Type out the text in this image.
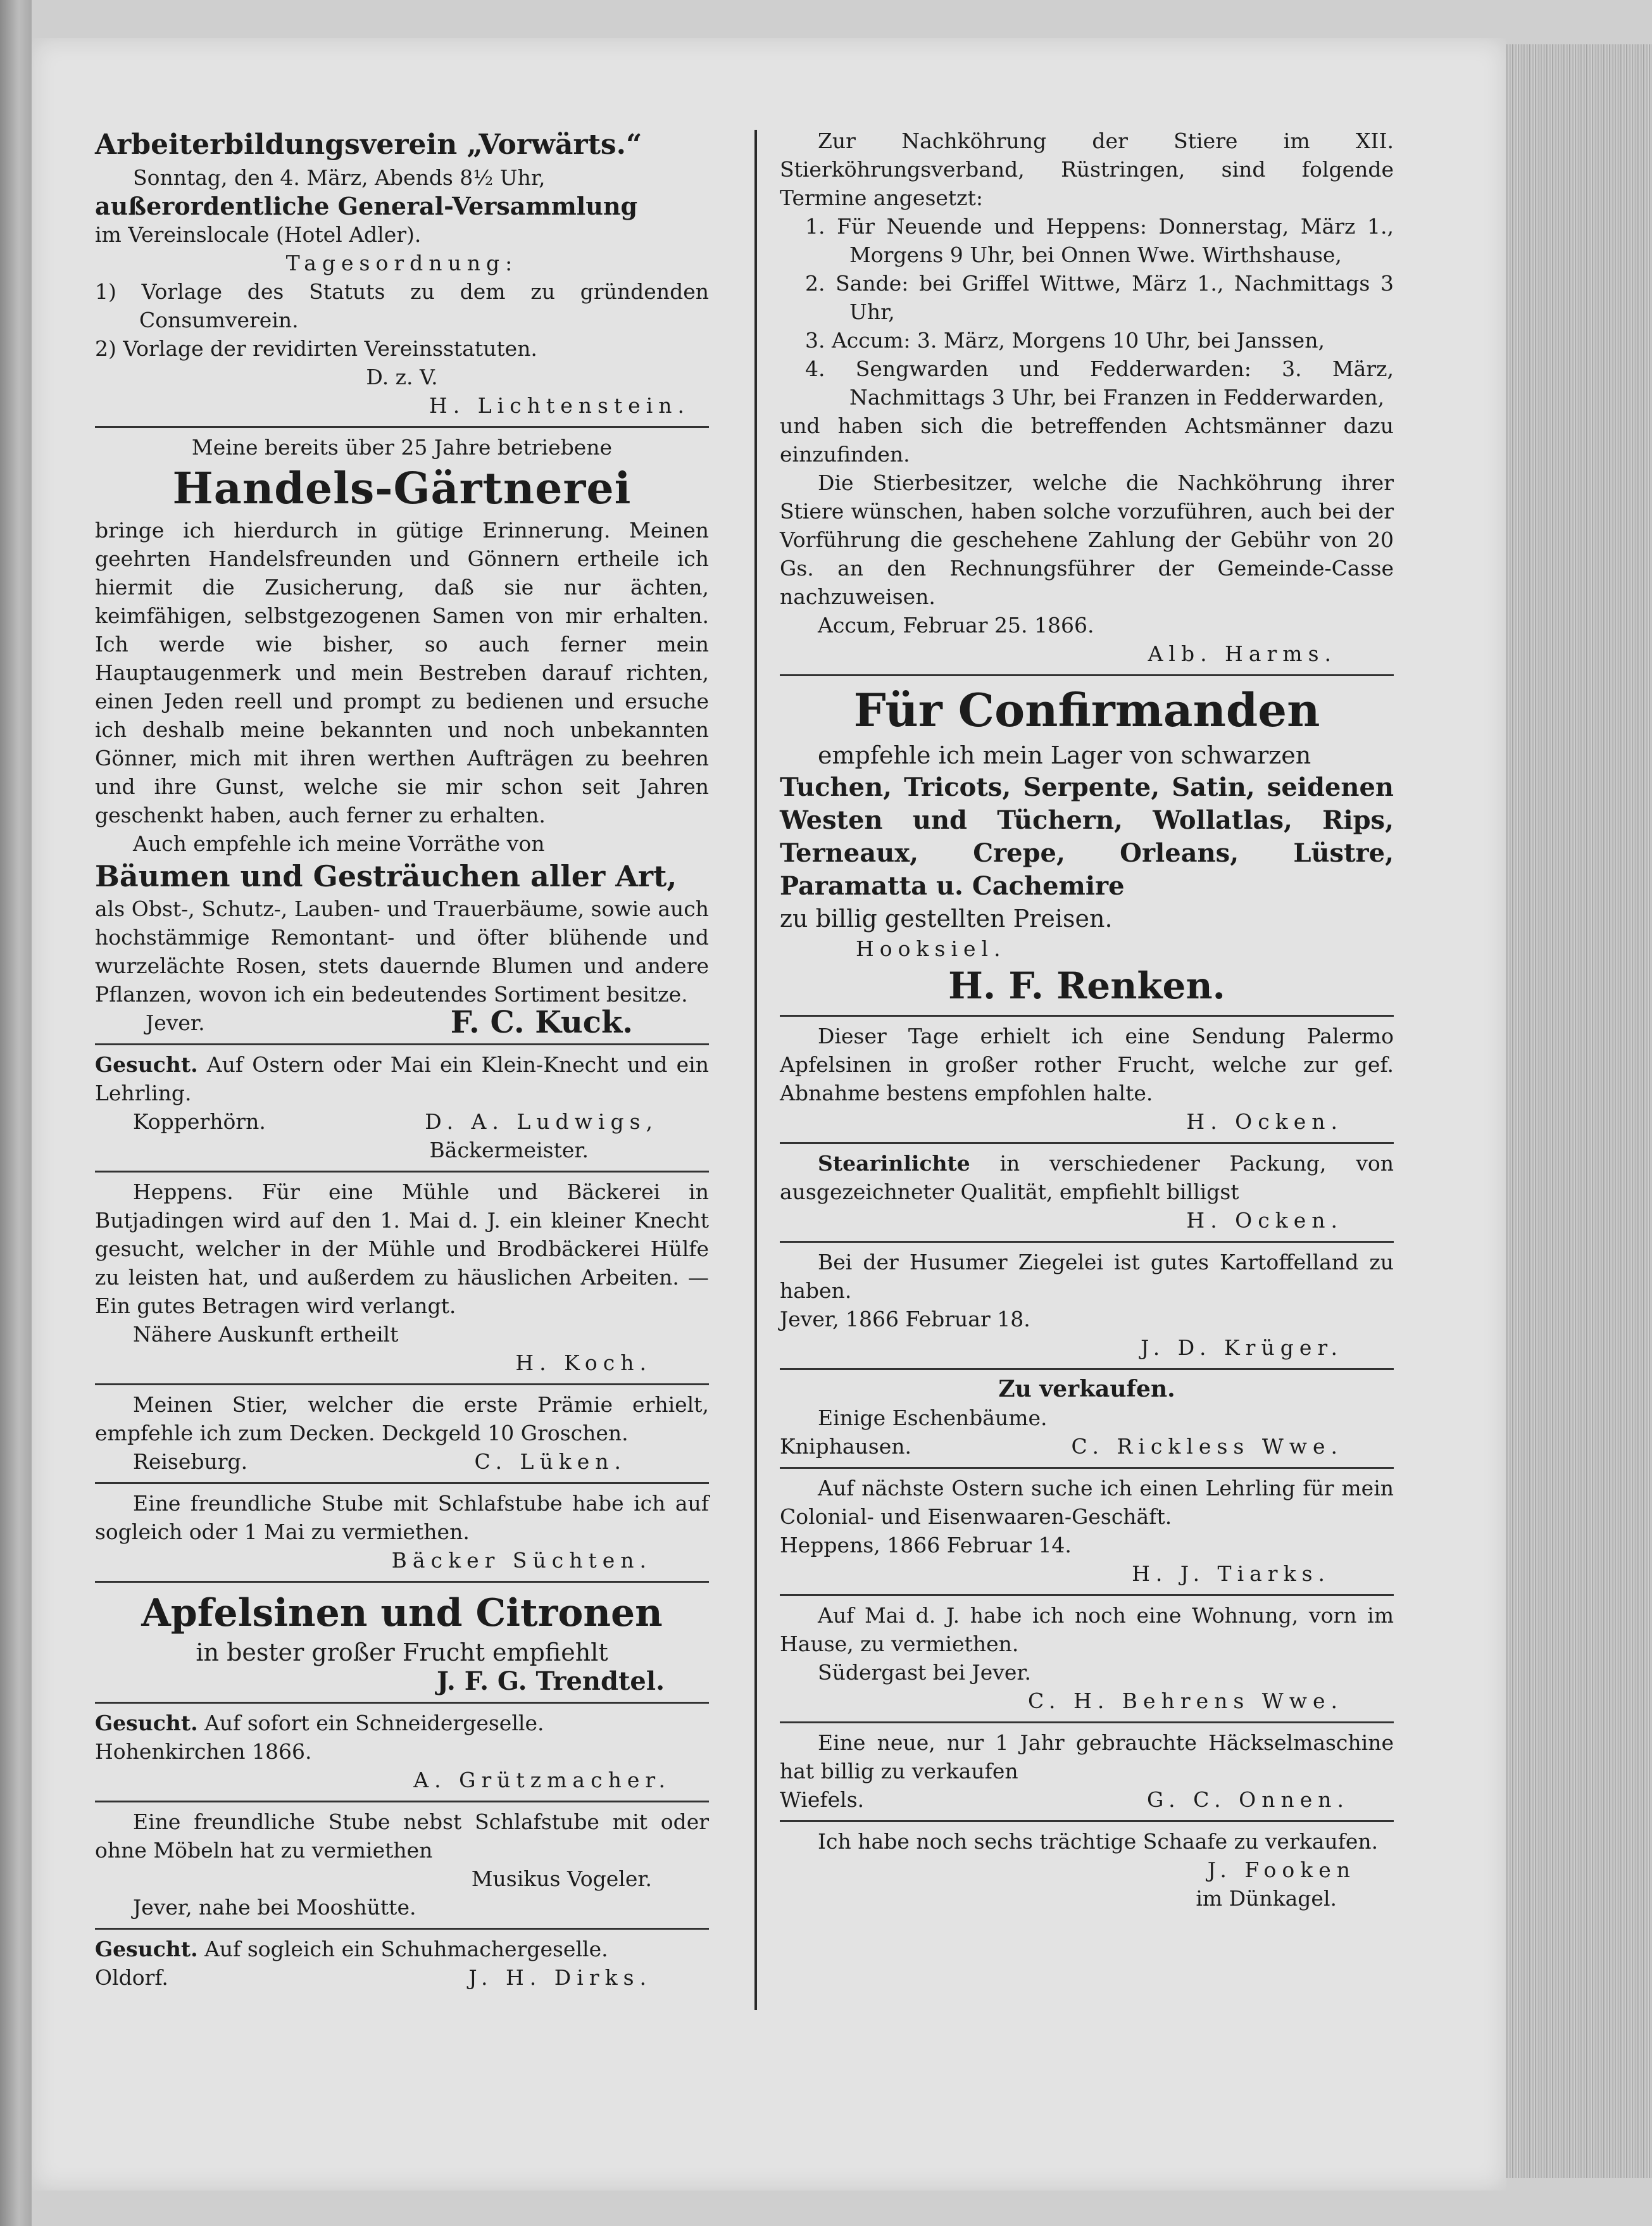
Arbeiterbildungsverein „Vorwärts.“

Sonntag, den 4. März, Abends 8½ Uhr,

außerordentliche General-Versammlung

im Vereinslocale (Hotel Adler).

Tagesordnung:

1) Vorlage des Statuts zu dem zu gründenden Consumverein.

2) Vorlage der revidirten Vereinsstatuten.

D. z. V.

H. Lichtenstein.

Meine bereits über 25 Jahre betriebene

Handels-Gärtnerei

bringe ich hierdurch in gütige Erinnerung. Meinen geehrten Handelsfreunden und Gönnern ertheile ich hiermit die Zusicherung, daß sie nur ächten, keimfähigen, selbstgezogenen Samen von mir erhalten. Ich werde wie bisher, so auch ferner mein Hauptaugenmerk und mein Bestreben darauf richten, einen Jeden reell und prompt zu bedienen und ersuche ich deshalb meine bekannten und noch unbekannten Gönner, mich mit ihren werthen Aufträgen zu beehren und ihre Gunst, welche sie mir schon seit Jahren geschenkt haben, auch ferner zu erhalten.

Auch empfehle ich meine Vorräthe von

Bäumen und Gesträuchen aller Art,

als Obst-, Schutz-, Lauben- und Trauerbäume, sowie auch hochstämmige Remontant- und öfter blühende und wurzelächte Rosen, stets dauernde Blumen und andere Pflanzen, wovon ich ein bedeutendes Sortiment besitze.

Jever.	F. C. Kuck.

Gesucht. Auf Ostern oder Mai ein Klein-Knecht und ein Lehrling.

Kopperhörn.	D. A. Ludwigs,

Bäckermeister.

Heppens. Für eine Mühle und Bäckerei in Butjadingen wird auf den 1. Mai d. J. ein kleiner Knecht gesucht, welcher in der Mühle und Brodbäckerei Hülfe zu leisten hat, und außerdem zu häuslichen Arbeiten. — Ein gutes Betragen wird verlangt.

Nähere Auskunft ertheilt

H. Koch.

Meinen Stier, welcher die erste Prämie erhielt, empfehle ich zum Decken. Deckgeld 10 Groschen.

Reiseburg.	C. Lüken.

Eine freundliche Stube mit Schlafstube habe ich auf sogleich oder 1 Mai zu vermiethen.

Bäcker Süchten.

Apfelsinen und Citronen

in bester großer Frucht empfiehlt

J. F. G. Trendtel.

Gesucht. Auf sofort ein Schneidergeselle.

Hohenkirchen 1866.

A. Grützmacher.

Eine freundliche Stube nebst Schlafstube mit oder ohne Möbeln hat zu vermiethen

Musikus Vogeler.

Jever, nahe bei Mooshütte.

Gesucht. Auf sogleich ein Schuhmachergeselle.

Oldorf.	J. H. Dirks.

Zur Nachköhrung der Stiere im XII. Stierköhrungsverband, Rüstringen, sind folgende Termine angesetzt:

1. Für Neuende und Heppens: Donnerstag, März 1., Morgens 9 Uhr, bei Onnen Wwe. Wirthshause,

2. Sande: bei Griffel Wittwe, März 1., Nachmittags 3 Uhr,

3. Accum: 3. März, Morgens 10 Uhr, bei Janssen,

4. Sengwarden und Fedderwarden: 3. März, Nachmittags 3 Uhr, bei Franzen in Fedderwarden,

und haben sich die betreffenden Achtsmänner dazu einzufinden.

Die Stierbesitzer, welche die Nachköhrung ihrer Stiere wünschen, haben solche vorzuführen, auch bei der Vorführung die geschehene Zahlung der Gebühr von 20 Gs. an den Rechnungsführer der Gemeinde-Casse nachzuweisen.

Accum, Februar 25. 1866.

Alb. Harms.

Für Confirmanden

empfehle ich mein Lager von schwarzen

Tuchen, Tricots, Serpente, Satin, seidenen Westen und Tüchern, Wollatlas, Rips, Terneaux, Crepe, Orleans, Lüstre, Paramatta u. Cachemire

zu billig gestellten Preisen.

Hooksiel.

H. F. Renken.

Dieser Tage erhielt ich eine Sendung Palermo Apfelsinen in großer rother Frucht, welche zur gef. Abnahme bestens empfohlen halte.

H. Ocken.

Stearinlichte in verschiedener Packung, von ausgezeichneter Qualität, empfiehlt billigst

H. Ocken.

Bei der Husumer Ziegelei ist gutes Kartoffelland zu haben.

Jever, 1866 Februar 18.

J. D. Krüger.

Zu verkaufen.

Einige Eschenbäume.

Kniphausen.	C. Rickless Wwe.

Auf nächste Ostern suche ich einen Lehrling für mein Colonial- und Eisenwaaren-Geschäft.

Heppens, 1866 Februar 14.

H. J. Tiarks.

Auf Mai d. J. habe ich noch eine Wohnung, vorn im Hause, zu vermiethen.

Südergast bei Jever.

C. H. Behrens Wwe.

Eine neue, nur 1 Jahr gebrauchte Häckselmaschine hat billig zu verkaufen

Wiefels.	G. C. Onnen.

Ich habe noch sechs trächtige Schaafe zu verkaufen.

J. Fooken

im Dünkagel.
